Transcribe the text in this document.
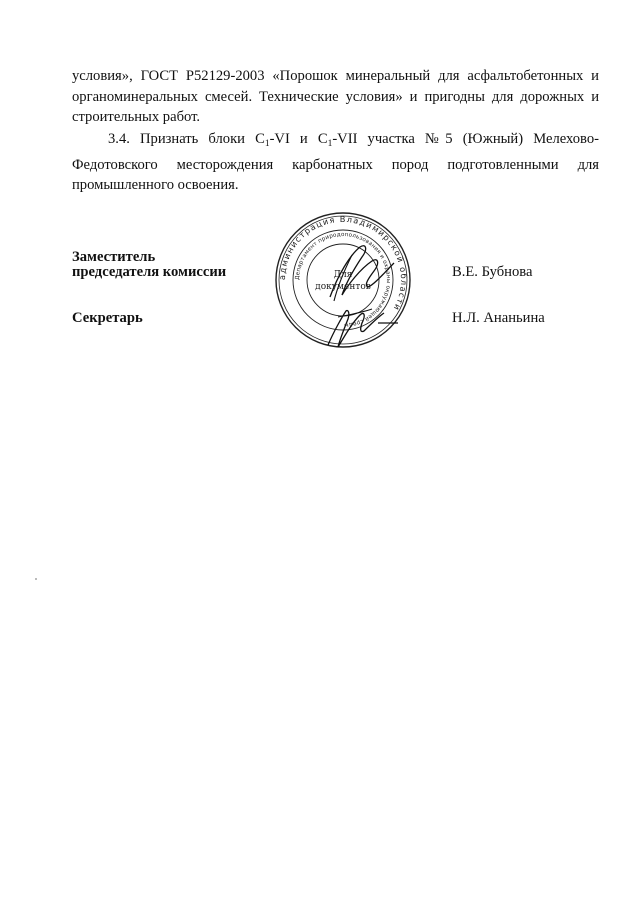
условия», ГОСТ Р52129-2003 «Порошок минеральный для асфальтобетонных и
органоминеральных смесей. Технические условия» и пригодны для дорожных и
строительных работ.
3.4. Признать блоки $C_1-VI$ и $C_1$-VII участка №5 (Южный) Мелехово-
Федотовского месторождения карбонатных пород подготовленными для
промышленного освоения.

Заместитель

председателя комиссии	В.Е. Бубнова

Секретарь	Н.Л. Ананьина

администрация Владимирской области
Департамент природопользования и охраны окружающей среды
Для
документов
